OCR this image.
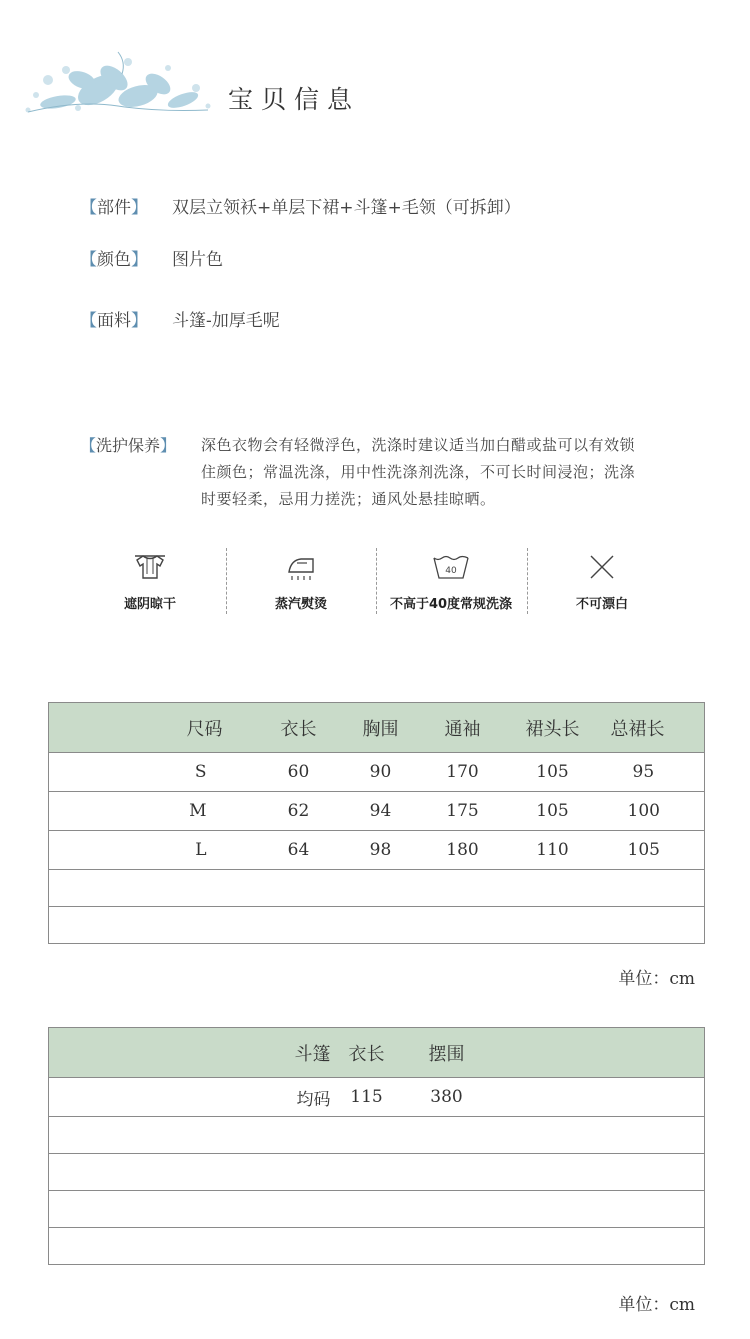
宝贝信息
【部件】 双层立领袄+单层下裙+斗篷+毛领（可拆卸）
【颜色】 图片色
【面料】 斗篷-加厚毛呢
【洗护保养】 深色衣物会有轻微浮色，洗涤时建议适当加白醋或盐可以有效锁
住颜色；常温洗涤，用中性洗涤剂洗涤，不可长时间浸泡；洗涤
时要轻柔，忌用力搓洗；通风处悬挂晾晒。
遮阴晾干	蒸汽熨烫
40
不高于40度常规洗涤	不可漂白
尺码	衣长	胸围	通袖	裙头长	总裙长
S	60	90	170	105	95
M	62	94	175	105	100
L	64	98	180	110	105

单位：cm
斗篷	衣长	摆围	
均码	115	380	

单位：cm
